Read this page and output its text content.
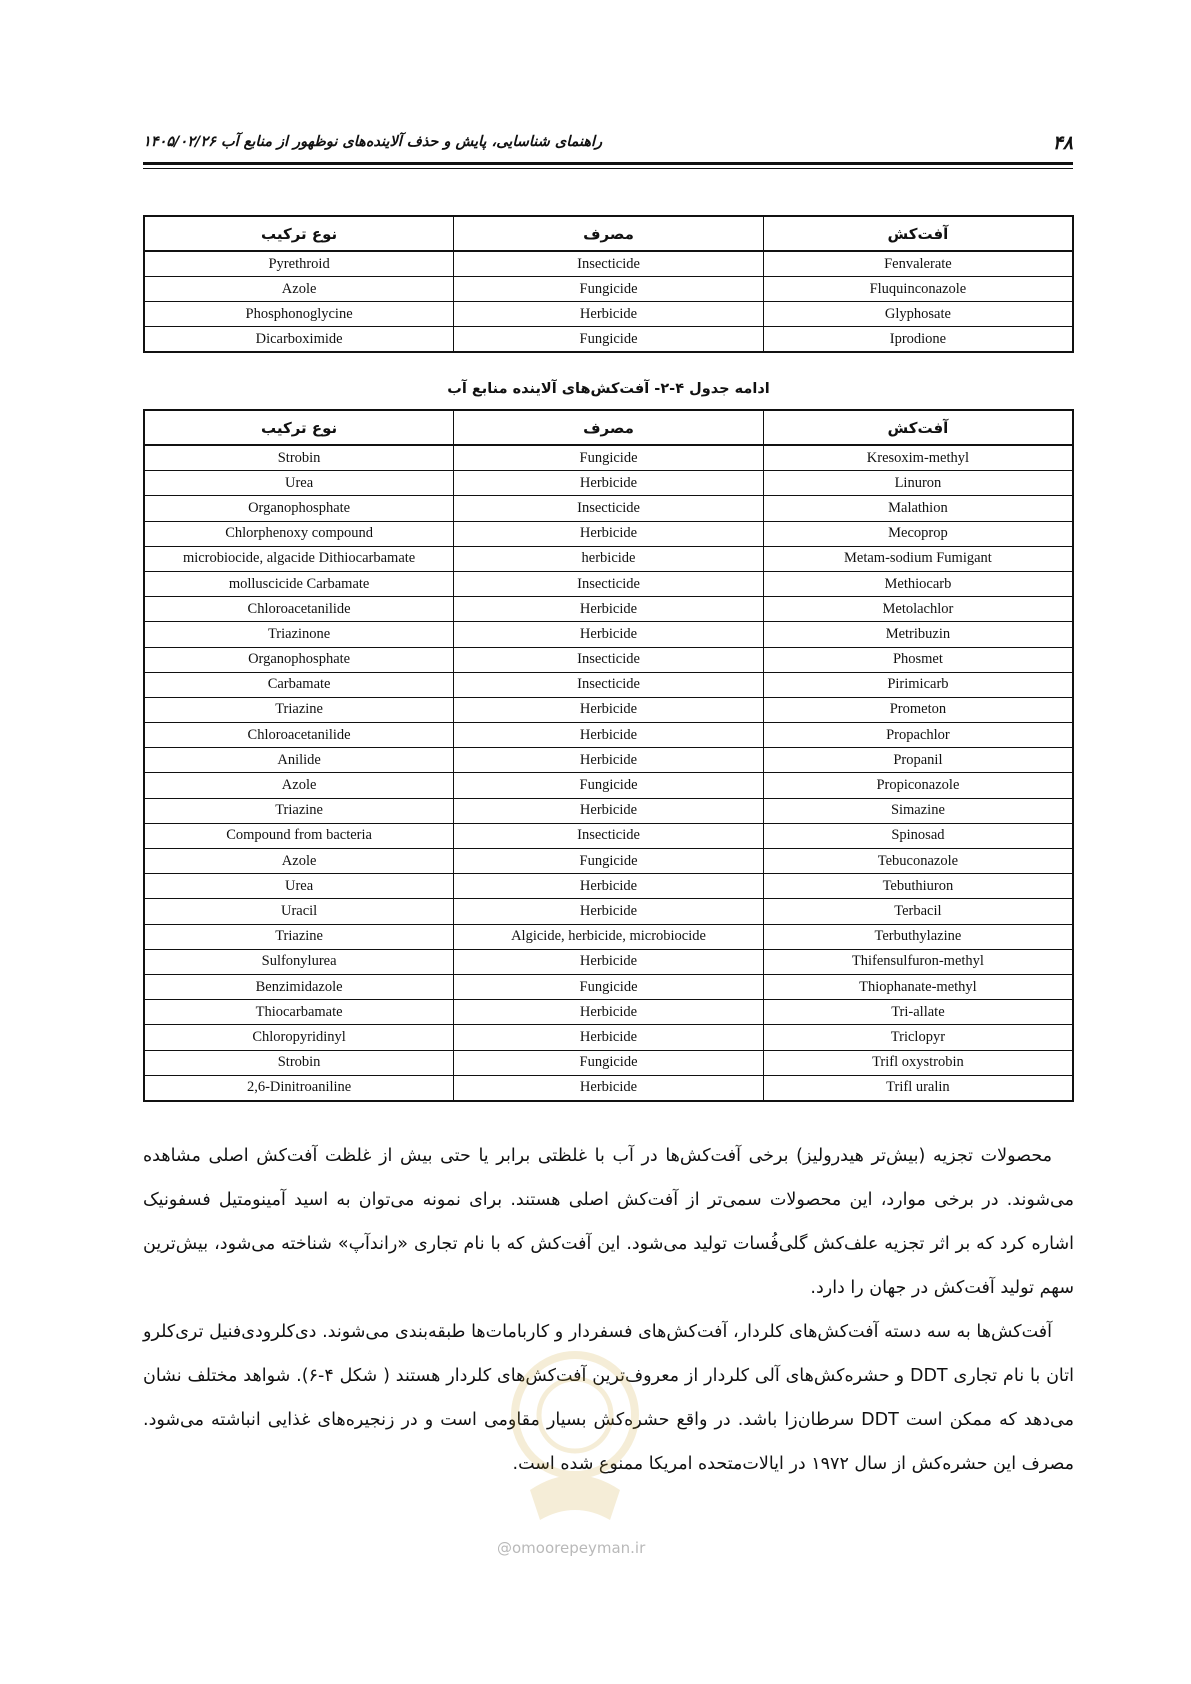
۴۸
راهنمای شناسایی، پایش و حذف آلاینده‌های نوظهور از منابع آب ۱۴۰۵/۰۲/۲۶
آفت‌کش	مصرف	نوع ترکیب
Fenvalerate	Insecticide	Pyrethroid
Fluquinconazole	Fungicide	Azole
Glyphosate	Herbicide	Phosphonoglycine
Iprodione	Fungicide	Dicarboximide
ادامه جدول ۴-۲- آفت‌کش‌های آلاینده منابع آب
آفت‌کش	مصرف	نوع ترکیب
Kresoxim-methyl	Fungicide	Strobin
Linuron	Herbicide	Urea
Malathion	Insecticide	Organophosphate
Mecoprop	Herbicide	Chlorphenoxy compound
Metam-sodium Fumigant	herbicide	microbiocide, algacide Dithiocarbamate
Methiocarb	Insecticide	molluscicide Carbamate
Metolachlor	Herbicide	Chloroacetanilide
Metribuzin	Herbicide	Triazinone
Phosmet	Insecticide	Organophosphate
Pirimicarb	Insecticide	Carbamate
Prometon	Herbicide	Triazine
Propachlor	Herbicide	Chloroacetanilide
Propanil	Herbicide	Anilide
Propiconazole	Fungicide	Azole
Simazine	Herbicide	Triazine
Spinosad	Insecticide	Compound from bacteria
Tebuconazole	Fungicide	Azole
Tebuthiuron	Herbicide	Urea
Terbacil	Herbicide	Uracil
Terbuthylazine	Algicide, herbicide, microbiocide	Triazine
Thifensulfuron-methyl	Herbicide	Sulfonylurea
Thiophanate-methyl	Fungicide	Benzimidazole
Tri-allate	Herbicide	Thiocarbamate
Triclopyr	Herbicide	Chloropyridinyl
Trifl oxystrobin	Fungicide	Strobin
Trifl uralin	Herbicide	2,6-Dinitroaniline

محصولات تجزیه (بیش‌تر هیدرولیز) برخی آفت‌کش‌ها در آب با غلظتی برابر یا حتی بیش از غلظت آفت‌کش اصلی مشاهده می‌شوند. در برخی موارد، این محصولات سمی‌تر از آفت‌کش اصلی هستند. برای نمونه می‌توان به اسید آمینومتیل فسفونیک اشاره کرد که بر اثر تجزیه علف‌کش گلی‌فُسات تولید می‌شود. این آفت‌کش که با نام تجاری «راندآپ» شناخته می‌شود، بیش‌ترین سهم تولید آفت‌کش در جهان را دارد.

آفت‌کش‌ها به سه دسته آفت‌کش‌های کلردار، آفت‌کش‌های فسفردار و کاربامات‌ها طبقه‌بندی می‌شوند. دی‌کلرودی‌فنیل تری‌کلرو اتان با نام تجاری DDT و حشره‌کش‌های آلی کلردار از معروف‌ترین آفت‌کش‌های کلردار هستند ( شکل ۴-۶). شواهد مختلف نشان می‌دهد که ممکن است DDT سرطان‌زا باشد. در واقع حشره‌کش بسیار مقاومی است و در زنجیره‌های غذایی انباشته می‌شود. مصرف این حشره‌کش از سال ۱۹۷۲ در ایالات‌متحده امریکا ممنوع شده است.

@omoorepeyman.ir
